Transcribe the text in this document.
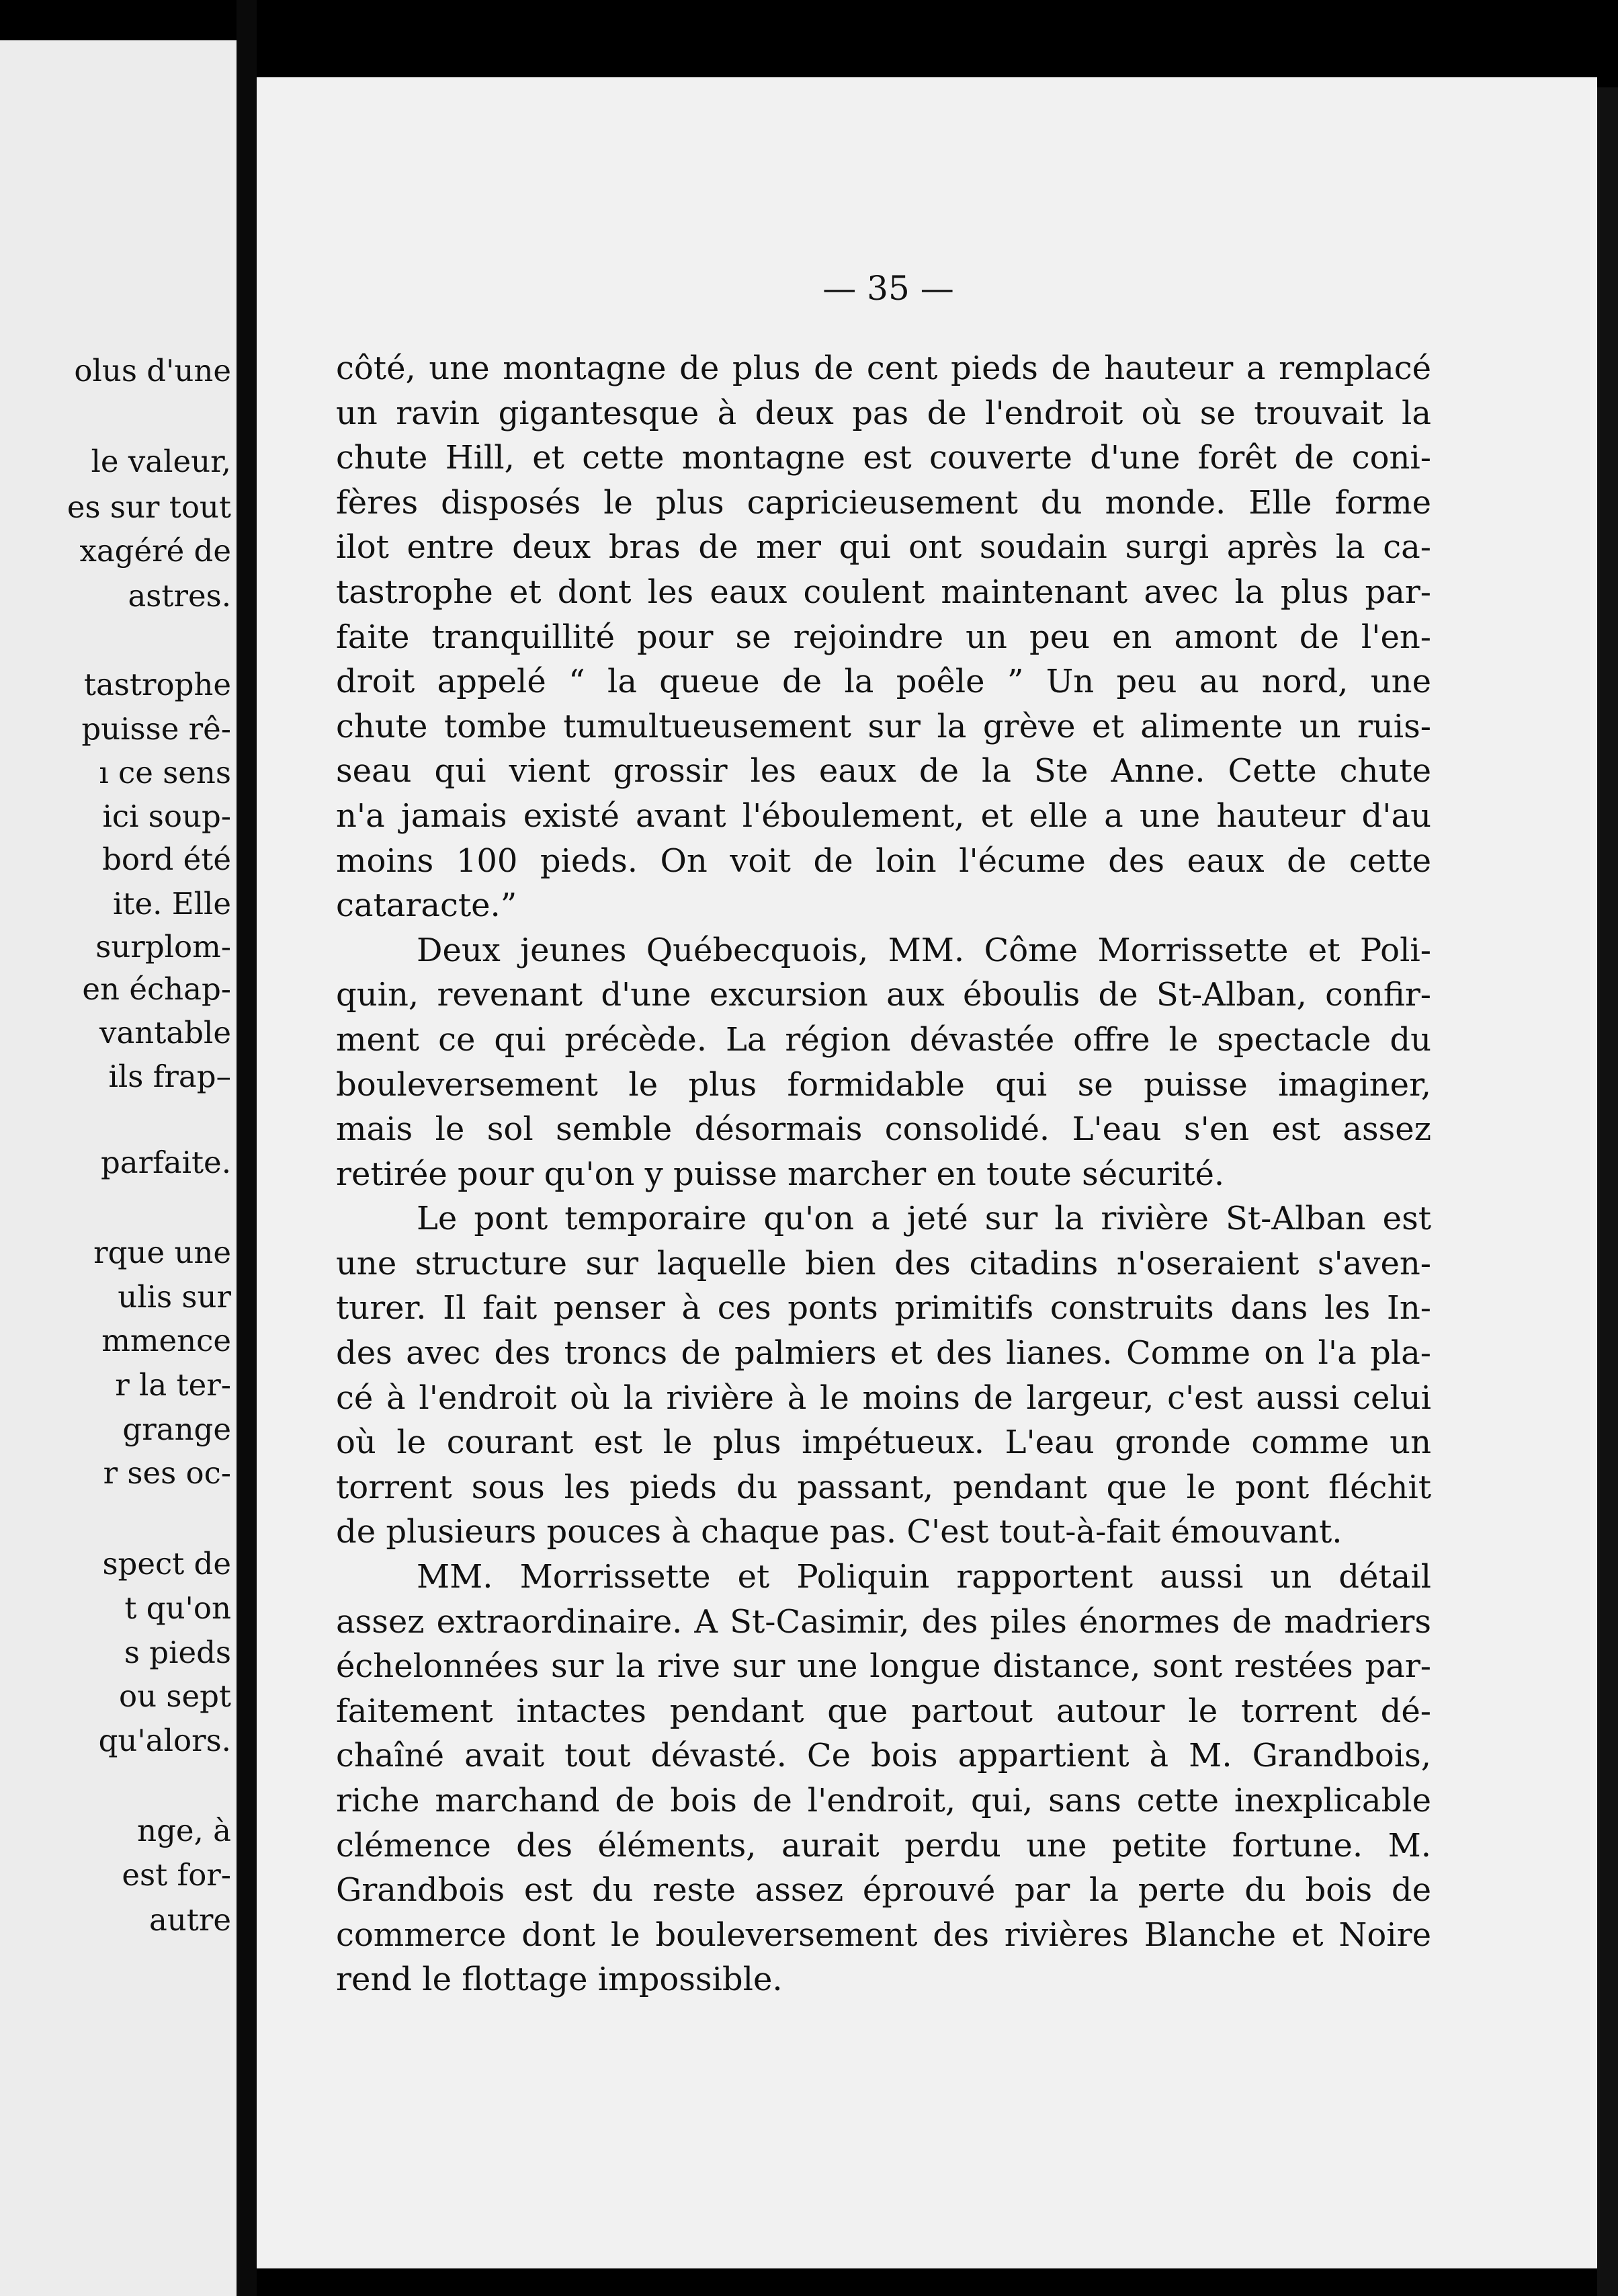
olus d'une
le valeur,
es sur tout
xagéré de
astres.
tastrophe
puisse rê-
ı ce sens
ici soup-
bord été
ite. Elle
surplom-
en échap-
vantable
ils frap–
parfaite.
rque une
ulis sur
mmence
r la ter-
grange
r ses oc-
spect de
t qu'on
s pieds
ou sept
qu'alors.
nge, à
est for-
autre
— 35 —
côté, une montagne de plus de cent pieds de hauteur a remplacé
un ravin gigantesque à deux pas de l'endroit où se trouvait la
chute Hill, et cette montagne est couverte d'une forêt de coni-
fères disposés le plus capricieusement du monde. Elle forme
ilot entre deux bras de mer qui ont soudain surgi après la ca-
tastrophe et dont les eaux coulent maintenant avec la plus par-
faite tranquillité pour se rejoindre un peu en amont de l'en-
droit appelé “ la queue de la poêle ” Un peu au nord, une
chute tombe tumultueusement sur la grève et alimente un ruis-
seau qui vient grossir les eaux de la Ste Anne. Cette chute
n'a jamais existé avant l'éboulement, et elle a une hauteur d'au
moins 100 pieds. On voit de loin l'écume des eaux de cette
cataracte.”
Deux jeunes Québecquois, MM. Côme Morrissette et Poli-
quin, revenant d'une excursion aux éboulis de St-Alban, confir-
ment ce qui précède. La région dévastée offre le spectacle du
bouleversement le plus formidable qui se puisse imaginer,
mais le sol semble désormais consolidé. L'eau s'en est assez
retirée pour qu'on y puisse marcher en toute sécurité.
Le pont temporaire qu'on a jeté sur la rivière St-Alban est
une structure sur laquelle bien des citadins n'oseraient s'aven-
turer. Il fait penser à ces ponts primitifs construits dans les In-
des avec des troncs de palmiers et des lianes. Comme on l'a pla-
cé à l'endroit où la rivière à le moins de largeur, c'est aussi celui
où le courant est le plus impétueux. L'eau gronde comme un
torrent sous les pieds du passant, pendant que le pont fléchit
de plusieurs pouces à chaque pas. C'est tout-à-fait émouvant.
MM. Morrissette et Poliquin rapportent aussi un détail
assez extraordinaire. A St-Casimir, des piles énormes de madriers
échelonnées sur la rive sur une longue distance, sont restées par-
faitement intactes pendant que partout autour le torrent dé-
chaîné avait tout dévasté. Ce bois appartient à M. Grandbois,
riche marchand de bois de l'endroit, qui, sans cette inexplicable
clémence des éléments, aurait perdu une petite fortune. M.
Grandbois est du reste assez éprouvé par la perte du bois de
commerce dont le bouleversement des rivières Blanche et Noire
rend le flottage impossible.
